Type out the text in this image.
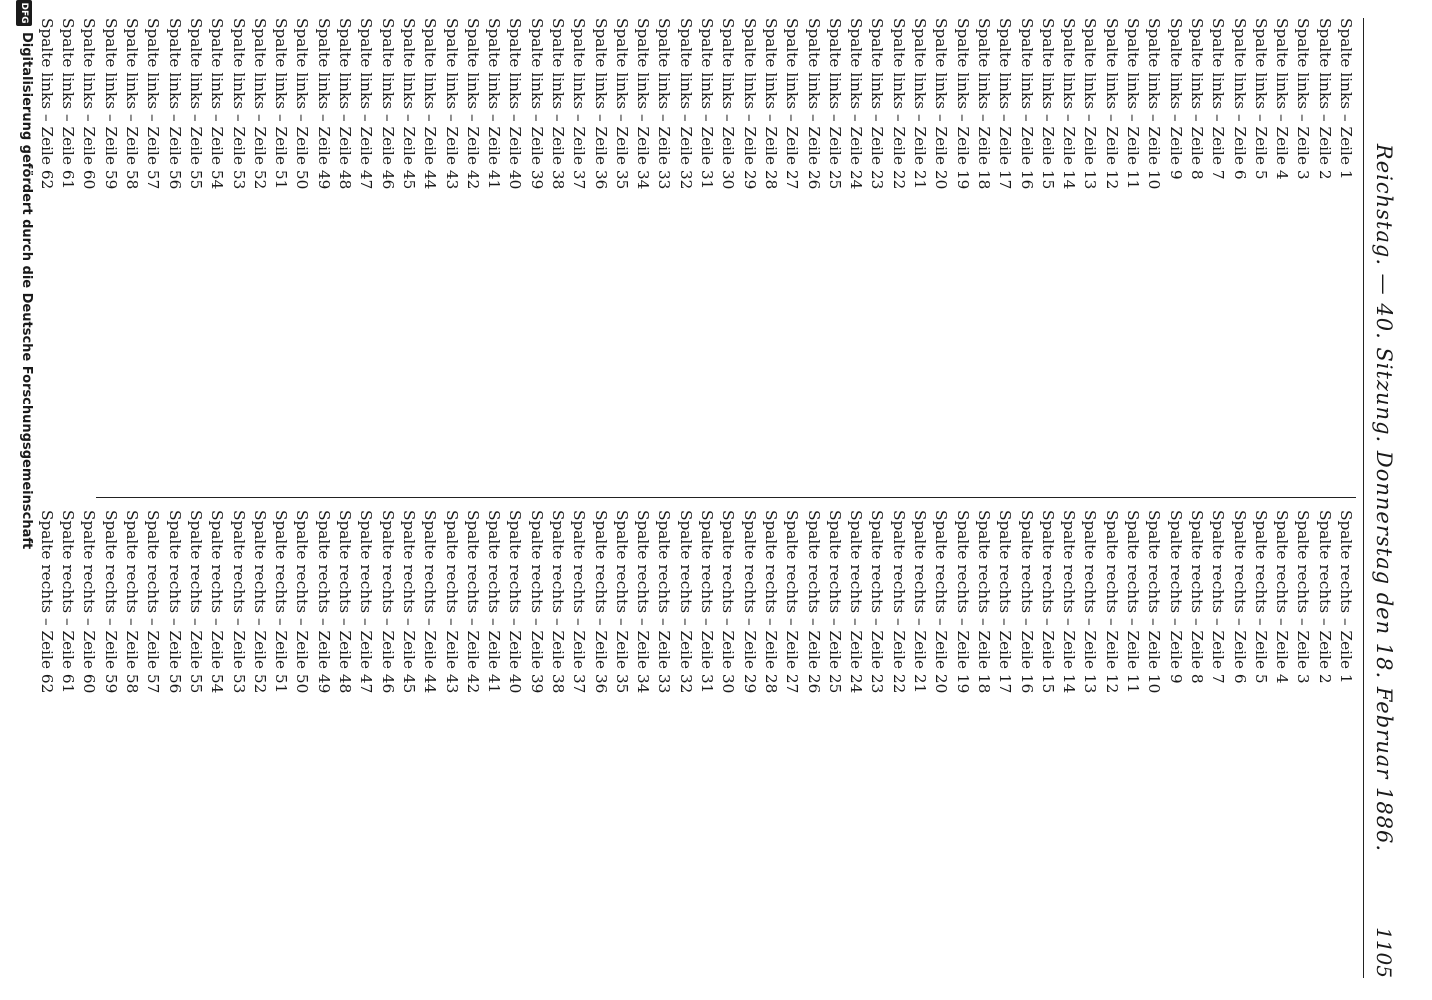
Reichstag. — 40. Sitzung. Donnerstag den 18. Februar 1886.
1105
Spalte links – Zeile 1
Spalte links – Zeile 2
Spalte links – Zeile 3
Spalte links – Zeile 4
Spalte links – Zeile 5
Spalte links – Zeile 6
Spalte links – Zeile 7
Spalte links – Zeile 8
Spalte links – Zeile 9
Spalte links – Zeile 10
Spalte links – Zeile 11
Spalte links – Zeile 12
Spalte links – Zeile 13
Spalte links – Zeile 14
Spalte links – Zeile 15
Spalte links – Zeile 16
Spalte links – Zeile 17
Spalte links – Zeile 18
Spalte links – Zeile 19
Spalte links – Zeile 20
Spalte links – Zeile 21
Spalte links – Zeile 22
Spalte links – Zeile 23
Spalte links – Zeile 24
Spalte links – Zeile 25
Spalte links – Zeile 26
Spalte links – Zeile 27
Spalte links – Zeile 28
Spalte links – Zeile 29
Spalte links – Zeile 30
Spalte links – Zeile 31
Spalte links – Zeile 32
Spalte links – Zeile 33
Spalte links – Zeile 34
Spalte links – Zeile 35
Spalte links – Zeile 36
Spalte links – Zeile 37
Spalte links – Zeile 38
Spalte links – Zeile 39
Spalte links – Zeile 40
Spalte links – Zeile 41
Spalte links – Zeile 42
Spalte links – Zeile 43
Spalte links – Zeile 44
Spalte links – Zeile 45
Spalte links – Zeile 46
Spalte links – Zeile 47
Spalte links – Zeile 48
Spalte links – Zeile 49
Spalte links – Zeile 50
Spalte links – Zeile 51
Spalte links – Zeile 52
Spalte links – Zeile 53
Spalte links – Zeile 54
Spalte links – Zeile 55
Spalte links – Zeile 56
Spalte links – Zeile 57
Spalte links – Zeile 58
Spalte links – Zeile 59
Spalte links – Zeile 60
Spalte links – Zeile 61
Spalte links – Zeile 62
Spalte rechts – Zeile 1
Spalte rechts – Zeile 2
Spalte rechts – Zeile 3
Spalte rechts – Zeile 4
Spalte rechts – Zeile 5
Spalte rechts – Zeile 6
Spalte rechts – Zeile 7
Spalte rechts – Zeile 8
Spalte rechts – Zeile 9
Spalte rechts – Zeile 10
Spalte rechts – Zeile 11
Spalte rechts – Zeile 12
Spalte rechts – Zeile 13
Spalte rechts – Zeile 14
Spalte rechts – Zeile 15
Spalte rechts – Zeile 16
Spalte rechts – Zeile 17
Spalte rechts – Zeile 18
Spalte rechts – Zeile 19
Spalte rechts – Zeile 20
Spalte rechts – Zeile 21
Spalte rechts – Zeile 22
Spalte rechts – Zeile 23
Spalte rechts – Zeile 24
Spalte rechts – Zeile 25
Spalte rechts – Zeile 26
Spalte rechts – Zeile 27
Spalte rechts – Zeile 28
Spalte rechts – Zeile 29
Spalte rechts – Zeile 30
Spalte rechts – Zeile 31
Spalte rechts – Zeile 32
Spalte rechts – Zeile 33
Spalte rechts – Zeile 34
Spalte rechts – Zeile 35
Spalte rechts – Zeile 36
Spalte rechts – Zeile 37
Spalte rechts – Zeile 38
Spalte rechts – Zeile 39
Spalte rechts – Zeile 40
Spalte rechts – Zeile 41
Spalte rechts – Zeile 42
Spalte rechts – Zeile 43
Spalte rechts – Zeile 44
Spalte rechts – Zeile 45
Spalte rechts – Zeile 46
Spalte rechts – Zeile 47
Spalte rechts – Zeile 48
Spalte rechts – Zeile 49
Spalte rechts – Zeile 50
Spalte rechts – Zeile 51
Spalte rechts – Zeile 52
Spalte rechts – Zeile 53
Spalte rechts – Zeile 54
Spalte rechts – Zeile 55
Spalte rechts – Zeile 56
Spalte rechts – Zeile 57
Spalte rechts – Zeile 58
Spalte rechts – Zeile 59
Spalte rechts – Zeile 60
Spalte rechts – Zeile 61
Spalte rechts – Zeile 62
DFG
Digitalisierung gefördert durch die Deutsche Forschungsgemeinschaft
